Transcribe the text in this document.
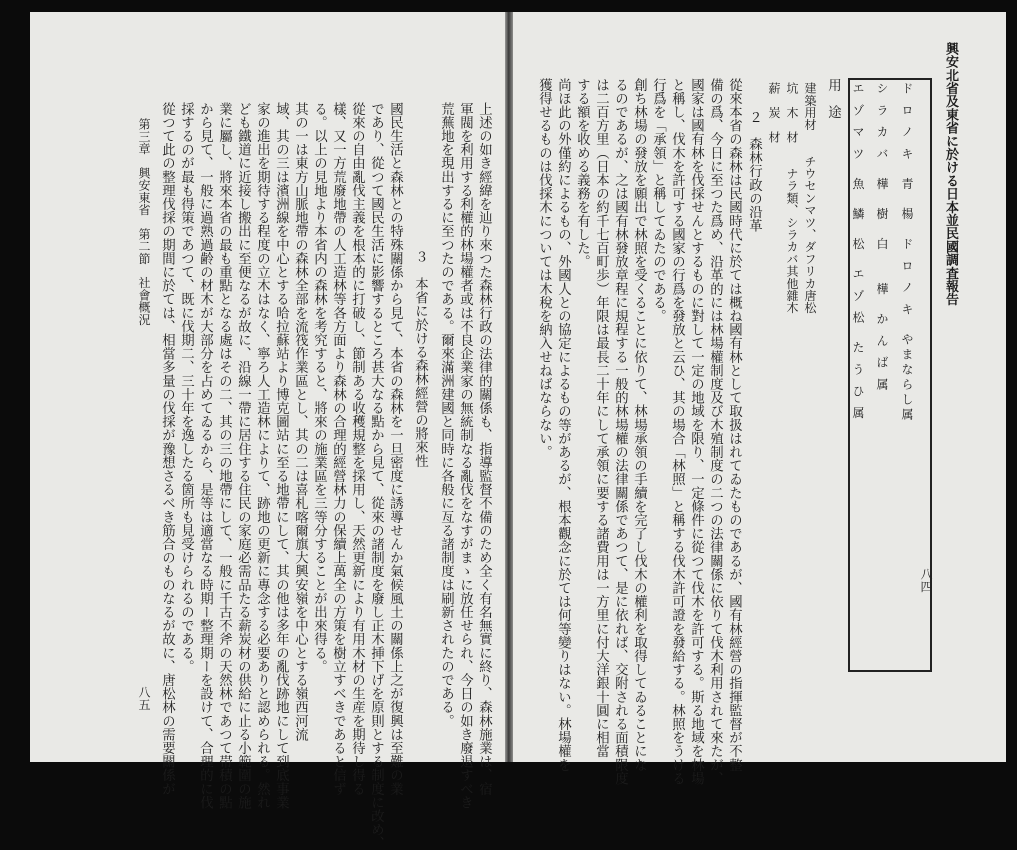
興安北省及東省に於ける日本並民國調査報告
八四
ド ロ ノ キ　青　楊　ド ロ ノ キ　やまならし属
シ ラ カ バ　樺　樹　白　　樺　か ん ば 属
エ ゾ マ ツ　魚　鱗　松　エ ゾ 松　た う ひ 属
用　途
建築用材　　チウセンマツ、ダフリカ唐松
坑　木　材　　ナラ類、シラカバ其他雜木
薪　炭　材
２　森林行政の沿革
從來本省の森林は民國時代に於ては概ね國有林として取扱はれてゐたものであるが、國有林經營の指揮監督が不整
備の爲、今日に至つた爲め、沿革的には林場權制度及び木殖制度の二つの法律關係に依りて伐木利用されて來たが、
國家は國有林を伐採せんとするものに對して一定の地域を限り、一定條件に從つて伐木を許可する。斯る地域を林場
と稱し、伐木を許可する國家の行爲を發放と云ひ、其の場合「林照」と稱する伐木許可證を發給する。林照をうける
行爲を「承領」と稱してゐたのである。
創ち林場の發放を願出で林照を受くることに依りて、林場承領の手續を完了し伐木の權利を取得してゐることにな
るのであるが、之は國有林發放章程に規程する一般的林場權の法律關係であつて、是に依れば、交附される面積限度
は二百方里（日本の約千七百町歩）年限は最長二十年にして承領に要する諸費用は一方里に付大洋銀十圓に相當
する額を收める義務を有した。
尚ほ此の外僅約によるもの、外國人との協定によるもの等があるが、根本觀念に於ては何等變りはない。林場權を
獲得せるものは伐採木については木稅を納入せねばならない。
上述の如き經緯を辿り來つた森林行政の法律的關係も、指導監督不備のため全く有名無實に終り、森林施業は、宿
軍閥を利用する利權的林場權者或は不良企業家の無統制なる亂伐をなすがまゝに放任せられ、今日の如き廢退すべき
荒蕪地を現出するに至つたのである。爾來滿洲建國と同時に各般に亙る諸制度は刷新されたのである。
３　本省に於ける森林經營の將來性
國民生活と森林との特殊關係から見て、本省の森林を一旦密度に誘導せんか氣候風土の關係上之が復興は至難の業
であり、從つて國民生活に影響するところ甚大なる點から見て、從來の諸制度を廢し正木挿下げを原則とする制度に改め、
從來の自由亂伐主義を根本的に打破し、節制ある收穫規整を採用し、天然更新により有用木材の生産を期待し得る
樣、又一方荒廢地帶の人工造林等各方面より森林の合理的經營林力の保續上萬全の方策を樹立すべきであると信ず
る。以上の見地より本省内の森林を考究すると、將來の施業區を三等分することが出來得る。
其の一は東方山脈地帶の森林全部を流筏作業區とし、其の二は喜札喀爾旗大興安嶺を中心とする嶺西河流
域、其の三は濱洲線を中心とする哈拉蘇站より博克圖站に至る地帶にして、其の他は多年の亂伐跡地にして到底事業
家の進出を期待する程度の立木はなく、寧ろ人工造林によりて、跡地の更新に專念する必要ありと認められる。然れ
ども鐵道に近接し搬出に至便なるが故に、沿線一帶に居住する住民の家庭必需品たる薪炭材の供給に止る小範圍の施
業に屬し、將來本省の最も重點となる處はその二、其の三の地帶にして、一般に千古不斧の天然林であつて帯積の點
から見て、一般に過熟過齢の材木が大部分を占めてゐるから、是等は適當なる時期ー整理期ーを設けて、合理的に伐
採するのが最も得策であつて、既に伐期二、三十年を逸したる箇所も見受けられるのである。
從つて此の整理伐採の期間に於ては、相當多量の伐採が豫想さるべき筋合のものなるが故に、唐松林の需要關係が
第三章　興安東省　第二節　社會概況
八五
